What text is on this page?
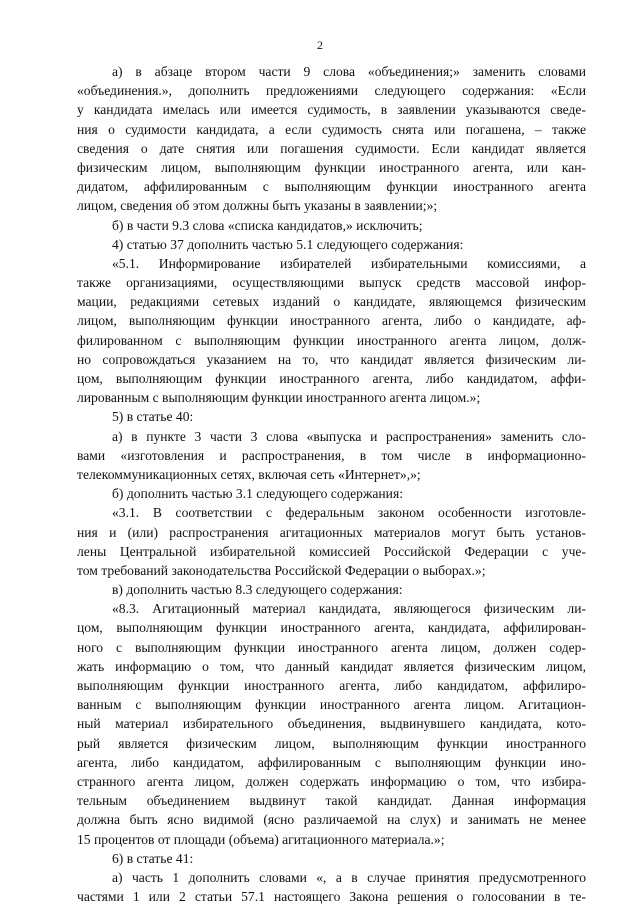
2
а) в абзаце втором части 9 слова «объединения;» заменить словами
«объединения.», дополнить предложениями следующего содержания: «Если
у кандидата имелась или имеется судимость, в заявлении указываются сведе-
ния о судимости кандидата, а если судимость снята или погашена, – также
сведения о дате снятия или погашения судимости. Если кандидат является
физическим лицом, выполняющим функции иностранного агента, или кан-
дидатом, аффилированным с выполняющим функции иностранного агента
лицом, сведения об этом должны быть указаны в заявлении;»;
б) в части 9.3 слова «списка кандидатов,» исключить;
4) статью 37 дополнить частью 5.1 следующего содержания:
«5.1. Информирование избирателей избирательными комиссиями, а
также организациями, осуществляющими выпуск средств массовой инфор-
мации, редакциями сетевых изданий о кандидате, являющемся физическим
лицом, выполняющим функции иностранного агента, либо о кандидате, аф-
филированном с выполняющим функции иностранного агента лицом, долж-
но сопровождаться указанием на то, что кандидат является физическим ли-
цом, выполняющим функции иностранного агента, либо кандидатом, аффи-
лированным с выполняющим функции иностранного агента лицом.»;
5) в статье 40:
а) в пункте 3 части 3 слова «выпуска и распространения» заменить сло-
вами «изготовления и распространения, в том числе в информационно-
телекоммуникационных сетях, включая сеть «Интернет»,»;
б) дополнить частью 3.1 следующего содержания:
«3.1. В соответствии с федеральным законом особенности изготовле-
ния и (или) распространения агитационных материалов могут быть установ-
лены Центральной избирательной комиссией Российской Федерации с уче-
том требований законодательства Российской Федерации о выборах.»;
в) дополнить частью 8.3 следующего содержания:
«8.3. Агитационный материал кандидата, являющегося физическим ли-
цом, выполняющим функции иностранного агента, кандидата, аффилирован-
ного с выполняющим функции иностранного агента лицом, должен содер-
жать информацию о том, что данный кандидат является физическим лицом,
выполняющим функции иностранного агента, либо кандидатом, аффилиро-
ванным с выполняющим функции иностранного агента лицом. Агитацион-
ный материал избирательного объединения, выдвинувшего кандидата, кото-
рый является физическим лицом, выполняющим функции иностранного
агента, либо кандидатом, аффилированным с выполняющим функции ино-
странного агента лицом, должен содержать информацию о том, что избира-
тельным объединением выдвинут такой кандидат. Данная информация
должна быть ясно видимой (ясно различаемой на слух) и занимать не менее
15 процентов от площади (объема) агитационного материала.»;
6) в статье 41:
а) часть 1 дополнить словами «, а в случае принятия предусмотренного
частями 1 или 2 статьи 57.1 настоящего Закона решения о голосовании в те-
